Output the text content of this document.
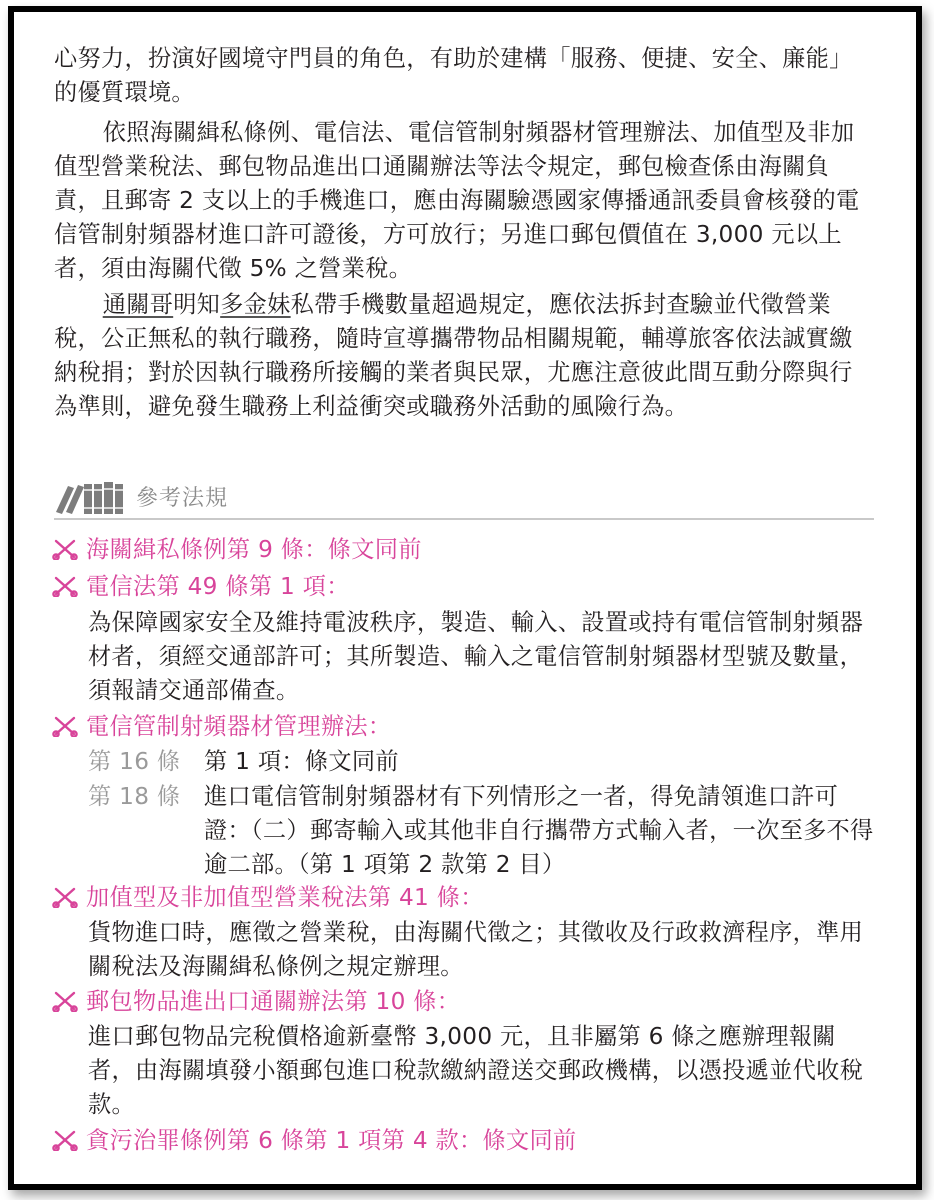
心努力，扮演好國境守門員的角色，有助於建構「服務、便捷、安全、廉能」的優質環境。

依照海關緝私條例、電信法、電信管制射頻器材管理辦法、加值型及非加值型營業稅法、郵包物品進出口通關辦法等法令規定，郵包檢查係由海關負責，且郵寄 2 支以上的手機進口，應由海關驗憑國家傳播通訊委員會核發的電信管制射頻器材進口許可證後，方可放行；另進口郵包價值在 3,000 元以上者，須由海關代徵 5% 之營業稅。

通關哥明知多金妹私帶手機數量超過規定，應依法拆封查驗並代徵營業稅，公正無私的執行職務，隨時宣導攜帶物品相關規範，輔導旅客依法誠實繳納稅捐；對於因執行職務所接觸的業者與民眾，尤應注意彼此間互動分際與行為準則，避免發生職務上利益衝突或職務外活動的風險行為。

參考法規
海關緝私條例第 9 條：條文同前
電信法第 49 條第 1 項：

為保障國家安全及維持電波秩序，製造、輸入、設置或持有電信管制射頻器材者，須經交通部許可；其所製造、輸入之電信管制射頻器材型號及數量，須報請交通部備查。

電信管制射頻器材管理辦法：
第 16 條 第 1 項：條文同前

第 18 條 進口電信管制射頻器材有下列情形之一者，得免請領進口許可證：（二）郵寄輸入或其他非自行攜帶方式輸入者，一次至多不得逾二部。（第 1 項第 2 款第 2 目）

加值型及非加值型營業稅法第 41 條：

貨物進口時，應徵之營業稅，由海關代徵之；其徵收及行政救濟程序，準用關稅法及海關緝私條例之規定辦理。

郵包物品進出口通關辦法第 10 條：

進口郵包物品完稅價格逾新臺幣 3,000 元，且非屬第 6 條之應辦理報關者，由海關填發小額郵包進口稅款繳納證送交郵政機構，以憑投遞並代收稅款。

貪污治罪條例第 6 條第 1 項第 4 款：條文同前
